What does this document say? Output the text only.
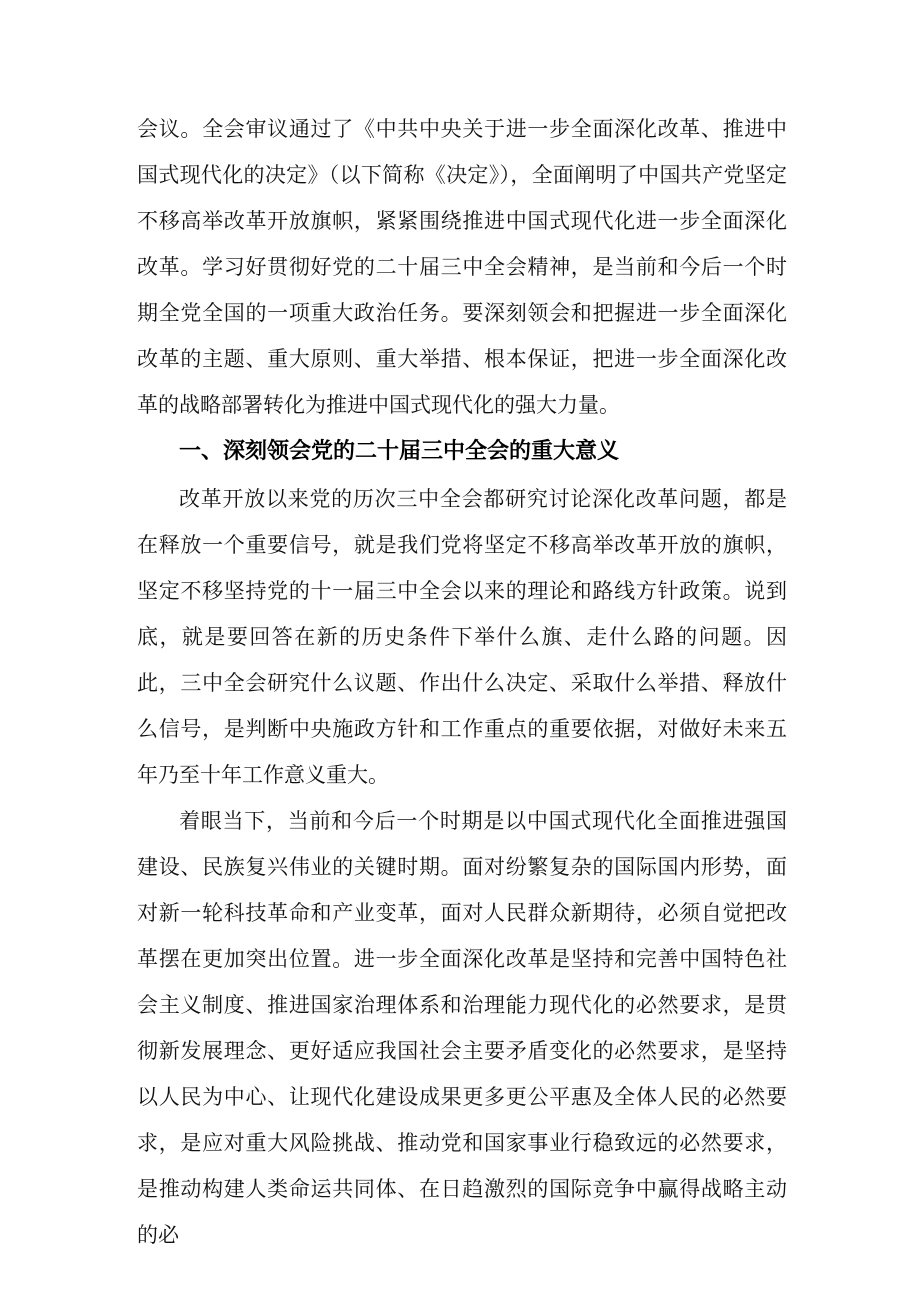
会议。全会审议通过了《中共中央关于进一步全面深化改革、推进中国式现代化的决定》（以下简称《决定》），全面阐明了中国共产党坚定不移高举改革开放旗帜，紧紧围绕推进中国式现代化进一步全面深化改革。学习好贯彻好党的二十届三中全会精神，是当前和今后一个时期全党全国的一项重大政治任务。要深刻领会和把握进一步全面深化改革的主题、重大原则、重大举措、根本保证，把进一步全面深化改革的战略部署转化为推进中国式现代化的强大力量。

一、深刻领会党的二十届三中全会的重大意义

改革开放以来党的历次三中全会都研究讨论深化改革问题，都是在释放一个重要信号，就是我们党将坚定不移高举改革开放的旗帜，坚定不移坚持党的十一届三中全会以来的理论和路线方针政策。说到底，就是要回答在新的历史条件下举什么旗、走什么路的问题。因此，三中全会研究什么议题、作出什么决定、采取什么举措、释放什么信号，是判断中央施政方针和工作重点的重要依据，对做好未来五年乃至十年工作意义重大。

着眼当下，当前和今后一个时期是以中国式现代化全面推进强国建设、民族复兴伟业的关键时期。面对纷繁复杂的国际国内形势，面对新一轮科技革命和产业变革，面对人民群众新期待，必须自觉把改革摆在更加突出位置。进一步全面深化改革是坚持和完善中国特色社会主义制度、推进国家治理体系和治理能力现代化的必然要求，是贯彻新发展理念、更好适应我国社会主要矛盾变化的必然要求，是坚持以人民为中心、让现代化建设成果更多更公平惠及全体人民的必然要求，是应对重大风险挑战、推动党和国家事业行稳致远的必然要求，是推动构建人类命运共同体、在日趋激烈的国际竞争中赢得战略主动的必
